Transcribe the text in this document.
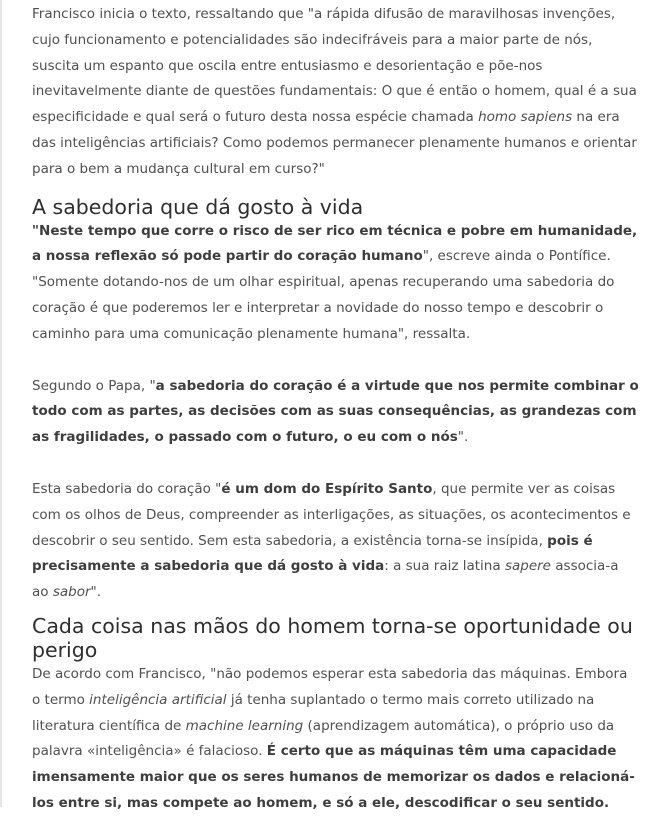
Francisco inicia o texto, ressaltando que "a rápida difusão de maravilhosas invenções, cujo funcionamento e potencialidades são indecifráveis para a maior parte de nós, suscita um espanto que oscila entre entusiasmo e desorientação e põe-nos inevitavelmente diante de questões fundamentais: O que é então o homem, qual é a sua especificidade e qual será o futuro desta nossa espécie chamada homo sapiens na era das inteligências artificiais? Como podemos permanecer plenamente humanos e orientar para o bem a mudança cultural em curso?"

A sabedoria que dá gosto à vida

"Neste tempo que corre o risco de ser rico em técnica e pobre em humanidade, a nossa reflexão só pode partir do coração humano", escreve ainda o Pontífice. "Somente dotando-nos de um olhar espiritual, apenas recuperando uma sabedoria do coração é que poderemos ler e interpretar a novidade do nosso tempo e descobrir o caminho para uma comunicação plenamente humana", ressalta.

Segundo o Papa, "a sabedoria do coração é a virtude que nos permite combinar o todo com as partes, as decisões com as suas consequências, as grandezas com as fragilidades, o passado com o futuro, o eu com o nós".

Esta sabedoria do coração "é um dom do Espírito Santo, que permite ver as coisas com os olhos de Deus, compreender as interligações, as situações, os acontecimentos e descobrir o seu sentido. Sem esta sabedoria, a existência torna-se insípida, pois é precisamente a sabedoria que dá gosto à vida: a sua raiz latina sapere associa-a ao sabor".

Cada coisa nas mãos do homem torna-se oportunidade ou perigo

De acordo com Francisco, "não podemos esperar esta sabedoria das máquinas. Embora o termo inteligência artificial já tenha suplantado o termo mais correto utilizado na literatura científica de machine learning (aprendizagem automática), o próprio uso da palavra «inteligência» é falacioso. É certo que as máquinas têm uma capacidade imensamente maior que os seres humanos de memorizar os dados e relacioná-los entre si, mas compete ao homem, e só a ele, descodificar o seu sentido.
